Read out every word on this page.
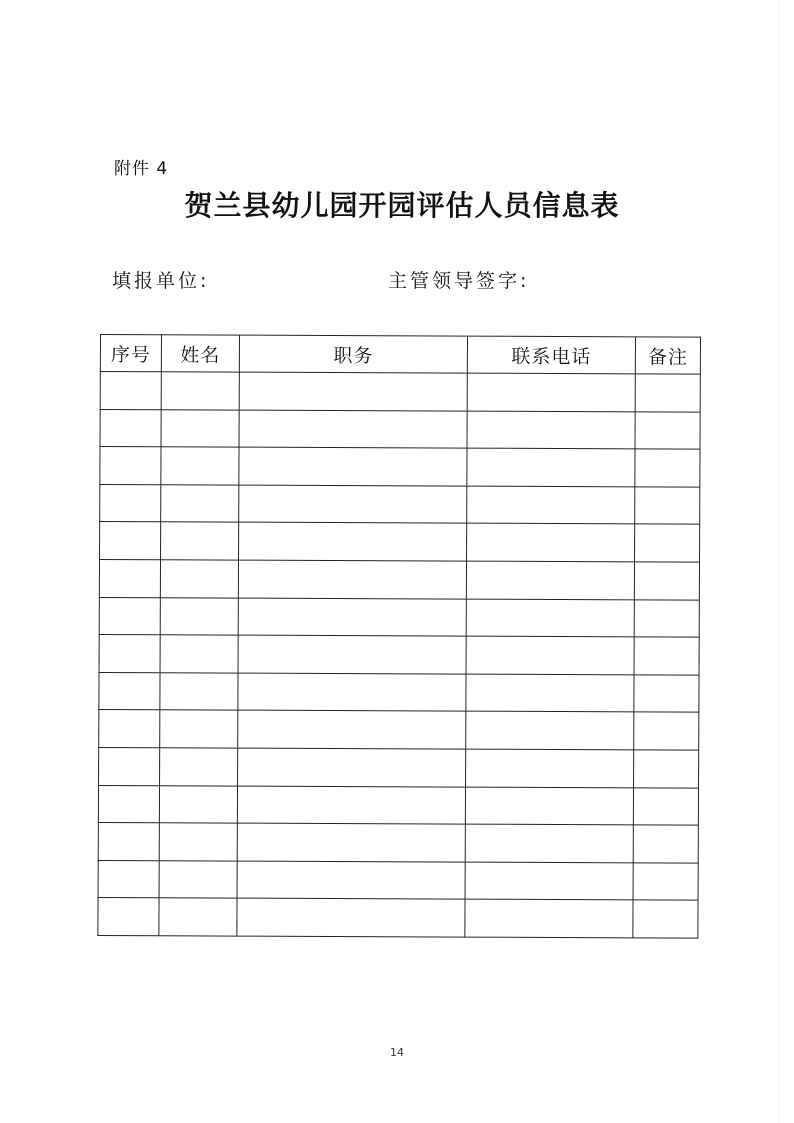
附件 4
贺兰县幼儿园开园评估人员信息表
填报单位:	主管领导签字:
序号	姓名	职务	联系电话	备注

14
